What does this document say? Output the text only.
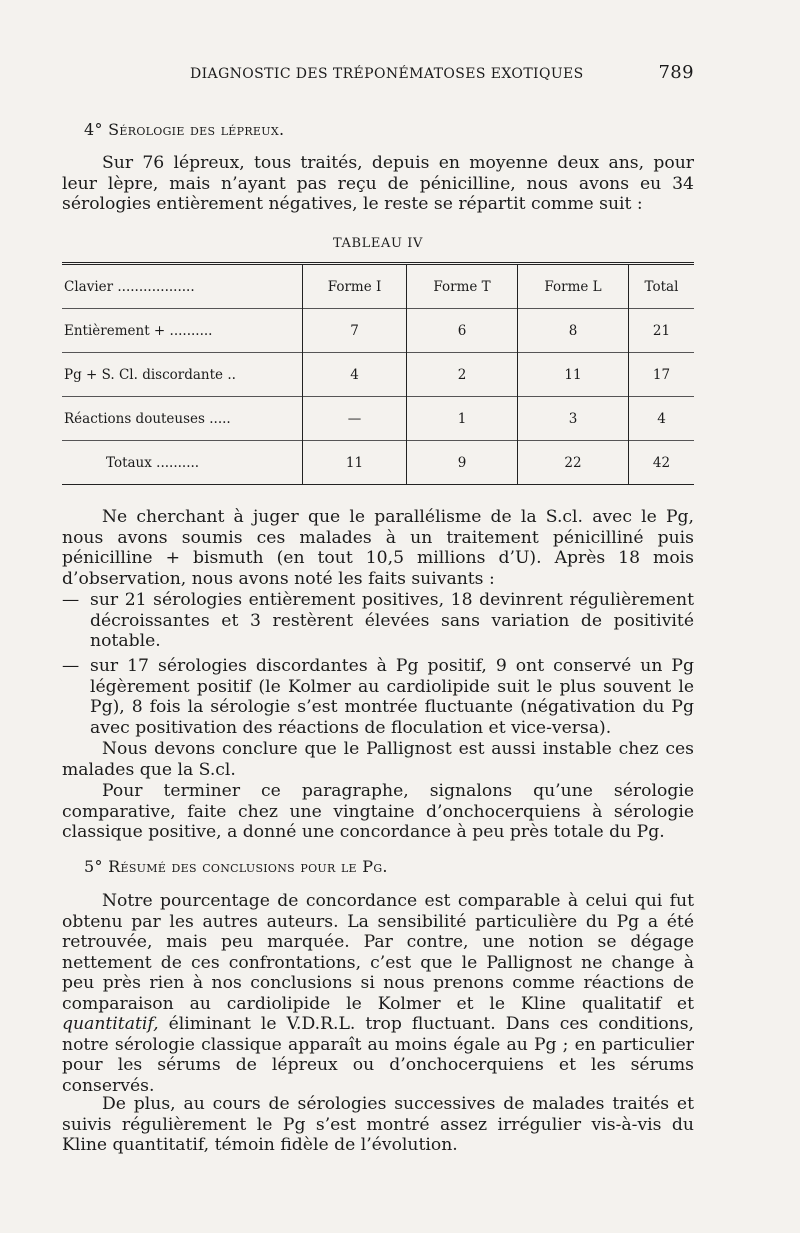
DIAGNOSTIC DES TRÉPONÉMATOSES EXOTIQUES	789
4° Sérologie des lépreux.

Sur 76 lépreux, tous traités, depuis en moyenne deux ans, pour leur lèpre, mais n’ayant pas reçu de pénicilline, nous avons eu 34 sérologies entièrement négatives, le reste se répartit comme suit :

TABLEAU IV
Clavier ..................	Forme I	Forme T	Forme L	Total
Entièrement + ..........	7	6	8	21
Pg + S. Cl. discordante ..	4	2	11	17
Réactions douteuses .....	—	1	3	4
Totaux ..........	11	9	22	42

Ne cherchant à juger que le parallélisme de la S.cl. avec le Pg, nous avons soumis ces malades à un traitement pénicilliné puis pénicilline + bismuth (en tout 10,5 millions d’U). Après 18 mois d’observation, nous avons noté les faits suivants :

— sur 21 sérologies entièrement positives, 18 devinrent régulièrement décroissantes et 3 restèrent élevées sans variation de positivité notable.
— sur 17 sérologies discordantes à Pg positif, 9 ont conservé un Pg légèrement positif (le Kolmer au cardiolipide suit le plus souvent le Pg), 8 fois la sérologie s’est montrée fluctuante (négativation du Pg avec positivation des réactions de floculation et vice-versa).

Nous devons conclure que le Pallignost est aussi instable chez ces malades que la S.cl.

Pour terminer ce paragraphe, signalons qu’une sérologie comparative, faite chez une vingtaine d’onchocerquiens à sérologie classique positive, a donné une concordance à peu près totale du Pg.

5° Résumé des conclusions pour le Pg.

Notre pourcentage de concordance est comparable à celui qui fut obtenu par les autres auteurs. La sensibilité particulière du Pg a été retrouvée, mais peu marquée. Par contre, une notion se dégage nettement de ces confrontations, c’est que le Pallignost ne change à peu près rien à nos conclusions si nous prenons comme réactions de comparaison au cardiolipide le Kolmer et le Kline qualitatif et quantitatif, éliminant le V.D.R.L. trop fluctuant. Dans ces conditions, notre sérologie classique apparaît au moins égale au Pg ; en particulier pour les sérums de lépreux ou d’onchocerquiens et les sérums conservés.

De plus, au cours de sérologies successives de malades traités et suivis régulièrement le Pg s’est montré assez irrégulier vis-à-vis du Kline quantitatif, témoin fidèle de l’évolution.
